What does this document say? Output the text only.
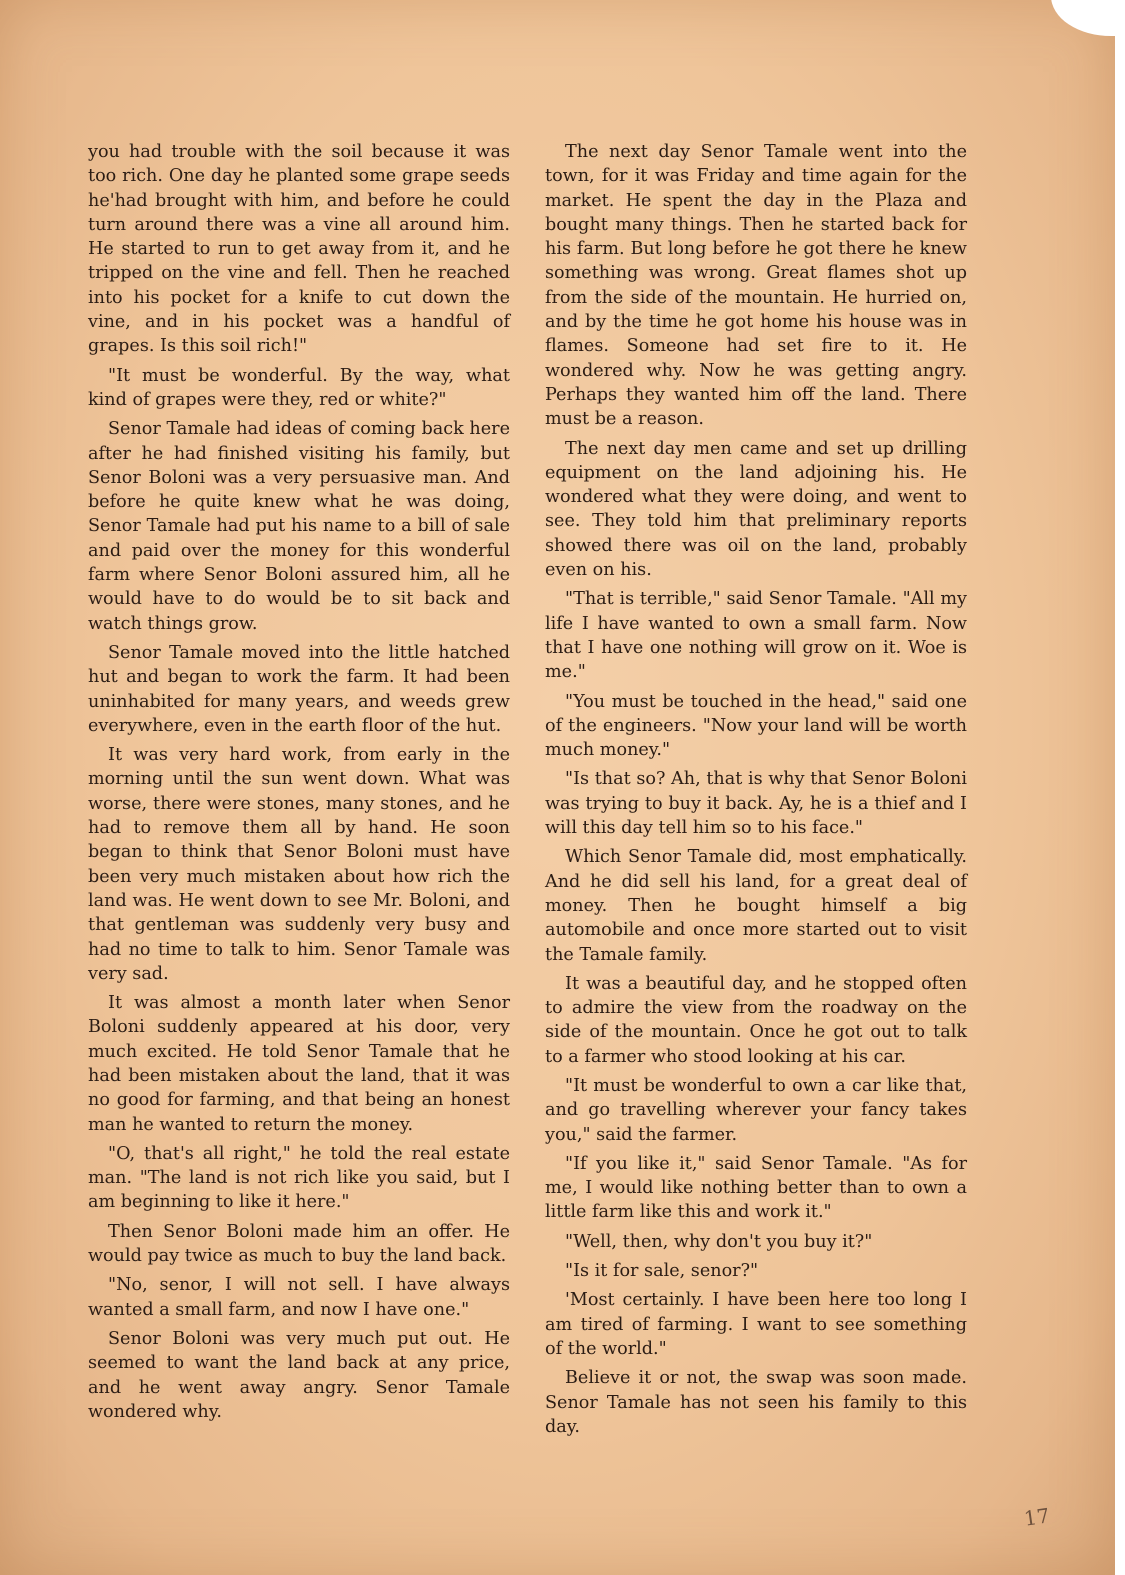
you had trouble with the soil because it was too rich. One day he planted some grape seeds he'had brought with him, and before he could turn around there was a vine all around him. He started to run to get away from it, and he tripped on the vine and fell. Then he reached into his pocket for a knife to cut down the vine, and in his pocket was a handful of grapes. Is this soil rich!"

"It must be wonderful. By the way, what kind of grapes were they, red or white?"

Senor Tamale had ideas of coming back here after he had finished visiting his family, but Senor Boloni was a very persuasive man. And before he quite knew what he was doing, Senor Tamale had put his name to a bill of sale and paid over the money for this wonderful farm where Senor Boloni assured him, all he would have to do would be to sit back and watch things grow.

Senor Tamale moved into the little hatched hut and began to work the farm. It had been uninhabited for many years, and weeds grew everywhere, even in the earth floor of the hut.

It was very hard work, from early in the morning until the sun went down. What was worse, there were stones, many stones, and he had to remove them all by hand. He soon began to think that Senor Boloni must have been very much mistaken about how rich the land was. He went down to see Mr. Boloni, and that gentleman was suddenly very busy and had no time to talk to him. Senor Tamale was very sad.

It was almost a month later when Senor Boloni suddenly appeared at his door, very much excited. He told Senor Tamale that he had been mistaken about the land, that it was no good for farming, and that being an honest man he wanted to return the money.

"O, that's all right," he told the real estate man. "The land is not rich like you said, but I am beginning to like it here."

Then Senor Boloni made him an offer. He would pay twice as much to buy the land back.

"No, senor, I will not sell. I have always wanted a small farm, and now I have one."

Senor Boloni was very much put out. He seemed to want the land back at any price, and he went away angry. Senor Tamale wondered why.

The next day Senor Tamale went into the town, for it was Friday and time again for the market. He spent the day in the Plaza and bought many things. Then he started back for his farm. But long before he got there he knew something was wrong. Great flames shot up from the side of the mountain. He hurried on, and by the time he got home his house was in flames. Someone had set fire to it. He wondered why. Now he was getting angry. Perhaps they wanted him off the land. There must be a reason.

The next day men came and set up drilling equipment on the land adjoining his. He wondered what they were doing, and went to see. They told him that preliminary reports showed there was oil on the land, probably even on his.

"That is terrible," said Senor Tamale. "All my life I have wanted to own a small farm. Now that I have one nothing will grow on it. Woe is me."

"You must be touched in the head," said one of the engineers. "Now your land will be worth much money."

"Is that so? Ah, that is why that Senor Boloni was trying to buy it back. Ay, he is a thief and I will this day tell him so to his face."

Which Senor Tamale did, most emphatically. And he did sell his land, for a great deal of money. Then he bought himself a big automobile and once more started out to visit the Tamale family.

It was a beautiful day, and he stopped often to admire the view from the roadway on the side of the mountain. Once he got out to talk to a farmer who stood looking at his car.

"It must be wonderful to own a car like that, and go travelling wherever your fancy takes you," said the farmer.

"If you like it," said Senor Tamale. "As for me, I would like nothing better than to own a little farm like this and work it."

"Well, then, why don't you buy it?"

"Is it for sale, senor?"

'Most certainly. I have been here too long I am tired of farming. I want to see something of the world."

Believe it or not, the swap was soon made. Senor Tamale has not seen his family to this day.

17
